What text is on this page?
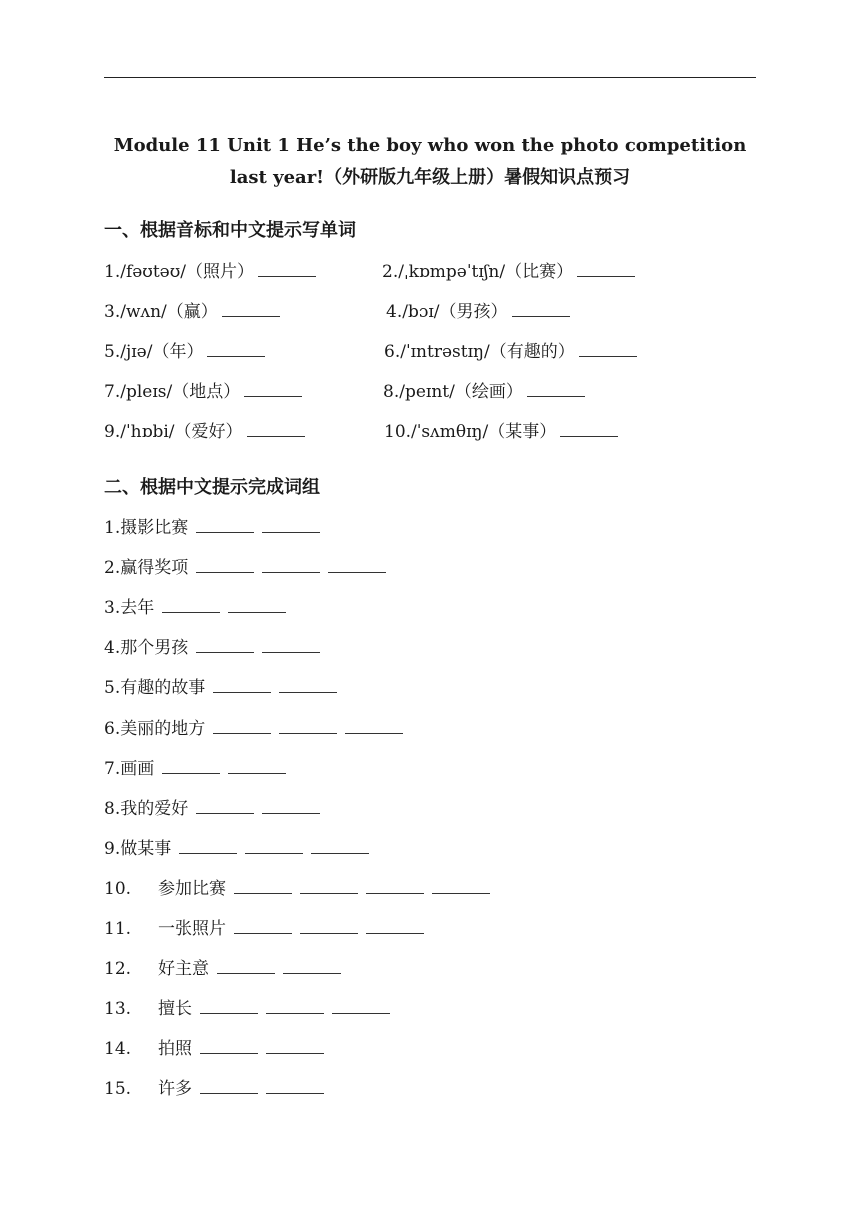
Module 11 Unit 1 He’s the boy who won the photo competition
last year!（外研版九年级上册）暑假知识点预习
一、根据音标和中文提示写单词
1./fəʊtəʊ/（照片）	2./ˌkɒmpəˈtɪʃn/（比赛）
3./wʌn/（赢）	4./bɔɪ/（男孩）
5./jɪə/（年）	6./ˈɪntrəstɪŋ/（有趣的）
7./pleɪs/（地点）	8./peɪnt/（绘画）
9./ˈhɒbi/（爱好）	10./ˈsʌmθɪŋ/（某事）
二、根据中文提示完成词组
1.摄影比赛
2.赢得奖项
3.去年
4.那个男孩
5.有趣的故事
6.美丽的地方
7.画画
8.我的爱好
9.做某事
10. 参加比赛
11. 一张照片
12. 好主意
13. 擅长
14. 拍照
15. 许多
